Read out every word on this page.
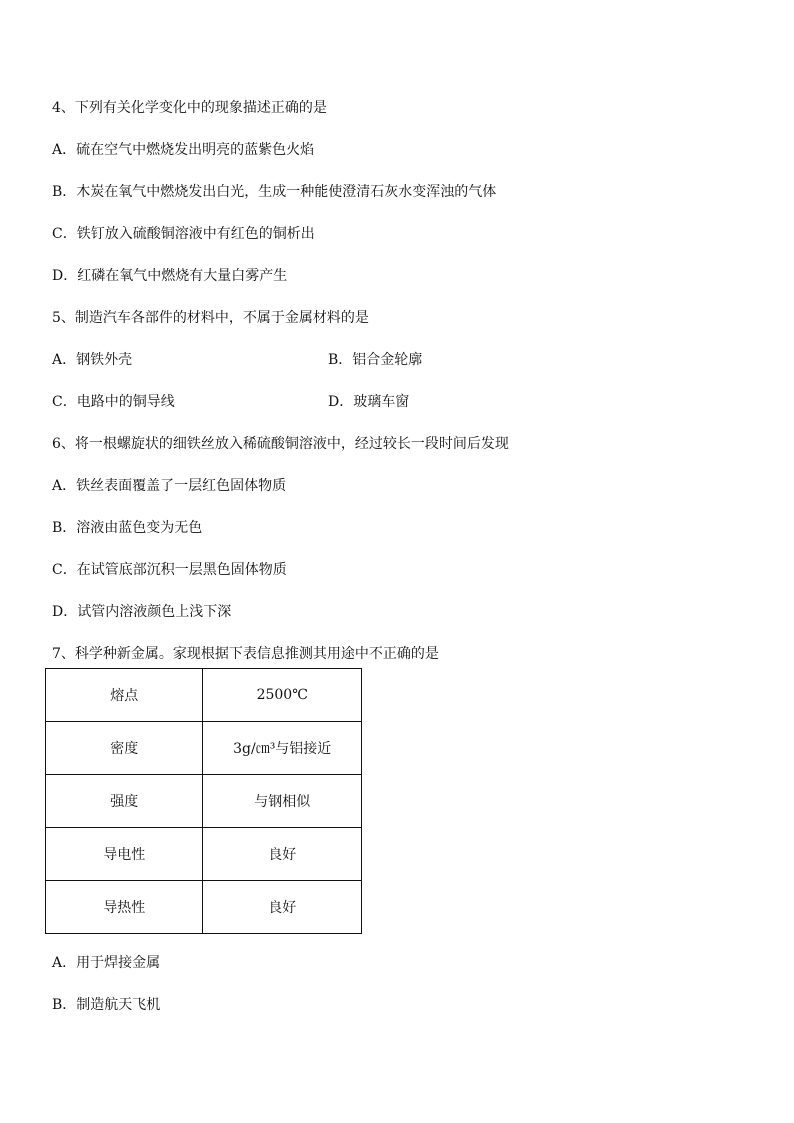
4、下列有关化学变化中的现象描述正确的是
A．硫在空气中燃烧发出明亮的蓝紫色火焰
B．木炭在氧气中燃烧发出白光，生成一种能使澄清石灰水变浑浊的气体
C．铁钉放入硫酸铜溶液中有红色的铜析出
D．红磷在氧气中燃烧有大量白雾产生
5、制造汽车各部件的材料中，不属于金属材料的是
A．钢铁外壳	B．铝合金轮廓
C．电路中的铜导线	D．玻璃车窗
6、将一根螺旋状的细铁丝放入稀硫酸铜溶液中，经过较长一段时间后发现
A．铁丝表面覆盖了一层红色固体物质
B．溶液由蓝色变为无色
C．在试管底部沉积一层黑色固体物质
D．试管内溶液颜色上浅下深
7、科学种新金属。家现根据下表信息推测其用途中不正确的是
熔点	2500℃
密度	3g/㎝³与铝接近
强度	与钢相似
导电性	良好
导热性	良好
A．用于焊接金属
B．制造航天飞机
